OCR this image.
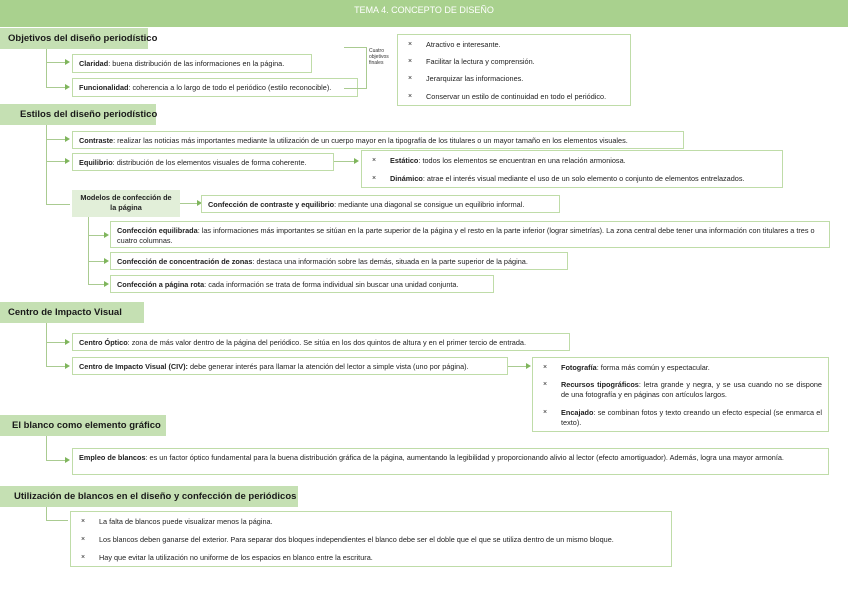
TEMA 4. CONCEPTO DE DISEÑO
Objetivos del diseño periodístico
Claridad: buena distribución de las informaciones en la página.
Funcionalidad: coherencia a lo largo de todo el periódico (estilo reconocible).
Cuatro objetivos finales
× Atractivo e interesante.
× Facilitar la lectura y comprensión.
× Jerarquizar las informaciones.
× Conservar un estilo de continuidad en todo el periódico.
Estilos del diseño periodístico
Contraste: realizar las noticias más importantes mediante la utilización de un cuerpo mayor en la tipografía de los titulares o un mayor tamaño en los elementos visuales.
Equilibrio: distribución de los elementos visuales de forma coherente.	× Estático: todos los elementos se encuentran en una relación armoniosa.
× Dinámico: atrae el interés visual mediante el uso de un solo elemento o conjunto de elementos entrelazados.
Modelos de confección de la página	Confección de contraste y equilibrio: mediante una diagonal se consigue un equilibrio informal.
Confección equilibrada: las informaciones más importantes se sitúan en la parte superior de la página y el resto en la parte inferior (lograr simetrías). La zona central debe tener una información con titulares a tres o cuatro columnas.
Confección de concentración de zonas: destaca una información sobre las demás, situada en la parte superior de la página.
Confección a página rota: cada información se trata de forma individual sin buscar una unidad conjunta.
Centro de Impacto Visual
Centro Óptico: zona de más valor dentro de la página del periódico. Se sitúa en los dos quintos de altura y en el primer tercio de entrada.
Centro de Impacto Visual (CIV): debe generar interés para llamar la atención del lector a simple vista (uno por página).	× Fotografía: forma más común y espectacular.
× Recursos tipográficos: letra grande y negra, y se usa cuando no se dispone de una fotografía y en páginas con artículos largos.
× Encajado: se combinan fotos y texto creando un efecto especial (se enmarca el texto).
El blanco como elemento gráfico
Empleo de blancos: es un factor óptico fundamental para la buena distribución gráfica de la página, aumentando la legibilidad y proporcionando alivio al lector (efecto amortiguador). Además, logra una mayor armonía.
Utilización de blancos en el diseño y confección de periódicos
× La falta de blancos puede visualizar menos la página.
× Los blancos deben ganarse del exterior. Para separar dos bloques independientes el blanco debe ser el doble que el que se utiliza dentro de un mismo bloque.
× Hay que evitar la utilización no uniforme de los espacios en blanco entre la escritura.
